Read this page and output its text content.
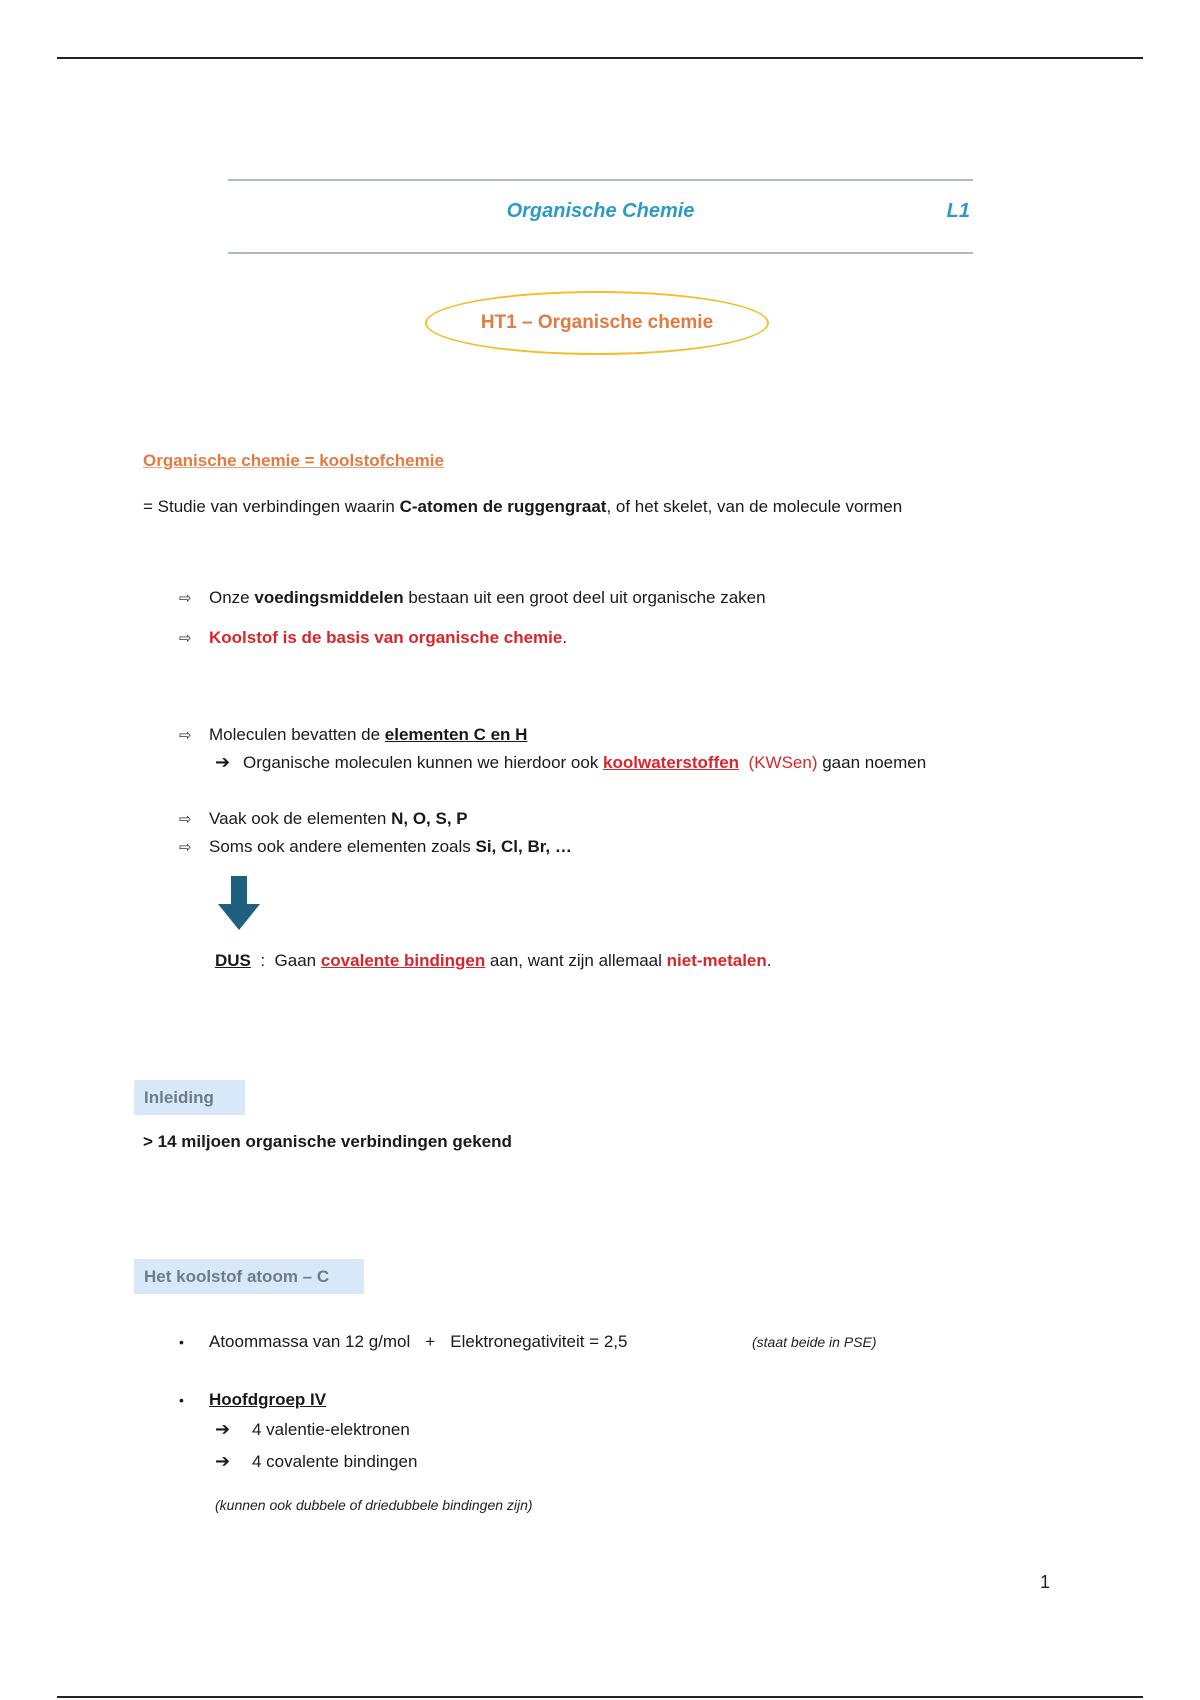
Organische Chemie	L1
HT1 – Organische chemie
Organische chemie = koolstofchemie
= Studie van verbindingen waarin C-atomen de ruggengraat, of het skelet, van de molecule vormen
⇨ Onze voedingsmiddelen bestaan uit een groot deel uit organische zaken
⇨ Koolstof is de basis van organische chemie.
⇨ Moleculen bevatten de elementen C en H
➔ Organische moleculen kunnen we hierdoor ook koolwaterstoffen (KWSen) gaan noemen
⇨ Vaak ook de elementen N, O, S, P
⇨ Soms ook andere elementen zoals Si, Cl, Br, …
DUS  :  Gaan covalente bindingen aan, want zijn allemaal niet-metalen.
Inleiding
> 14 miljoen organische verbindingen gekend
Het koolstof atoom – C
• Atoommassa van 12 g/mol + Elektronegativiteit = 2,5	(staat beide in PSE)
• Hoofdgroep IV
➔ 4 valentie-elektronen
➔ 4 covalente bindingen
(kunnen ook dubbele of driedubbele bindingen zijn)
1
